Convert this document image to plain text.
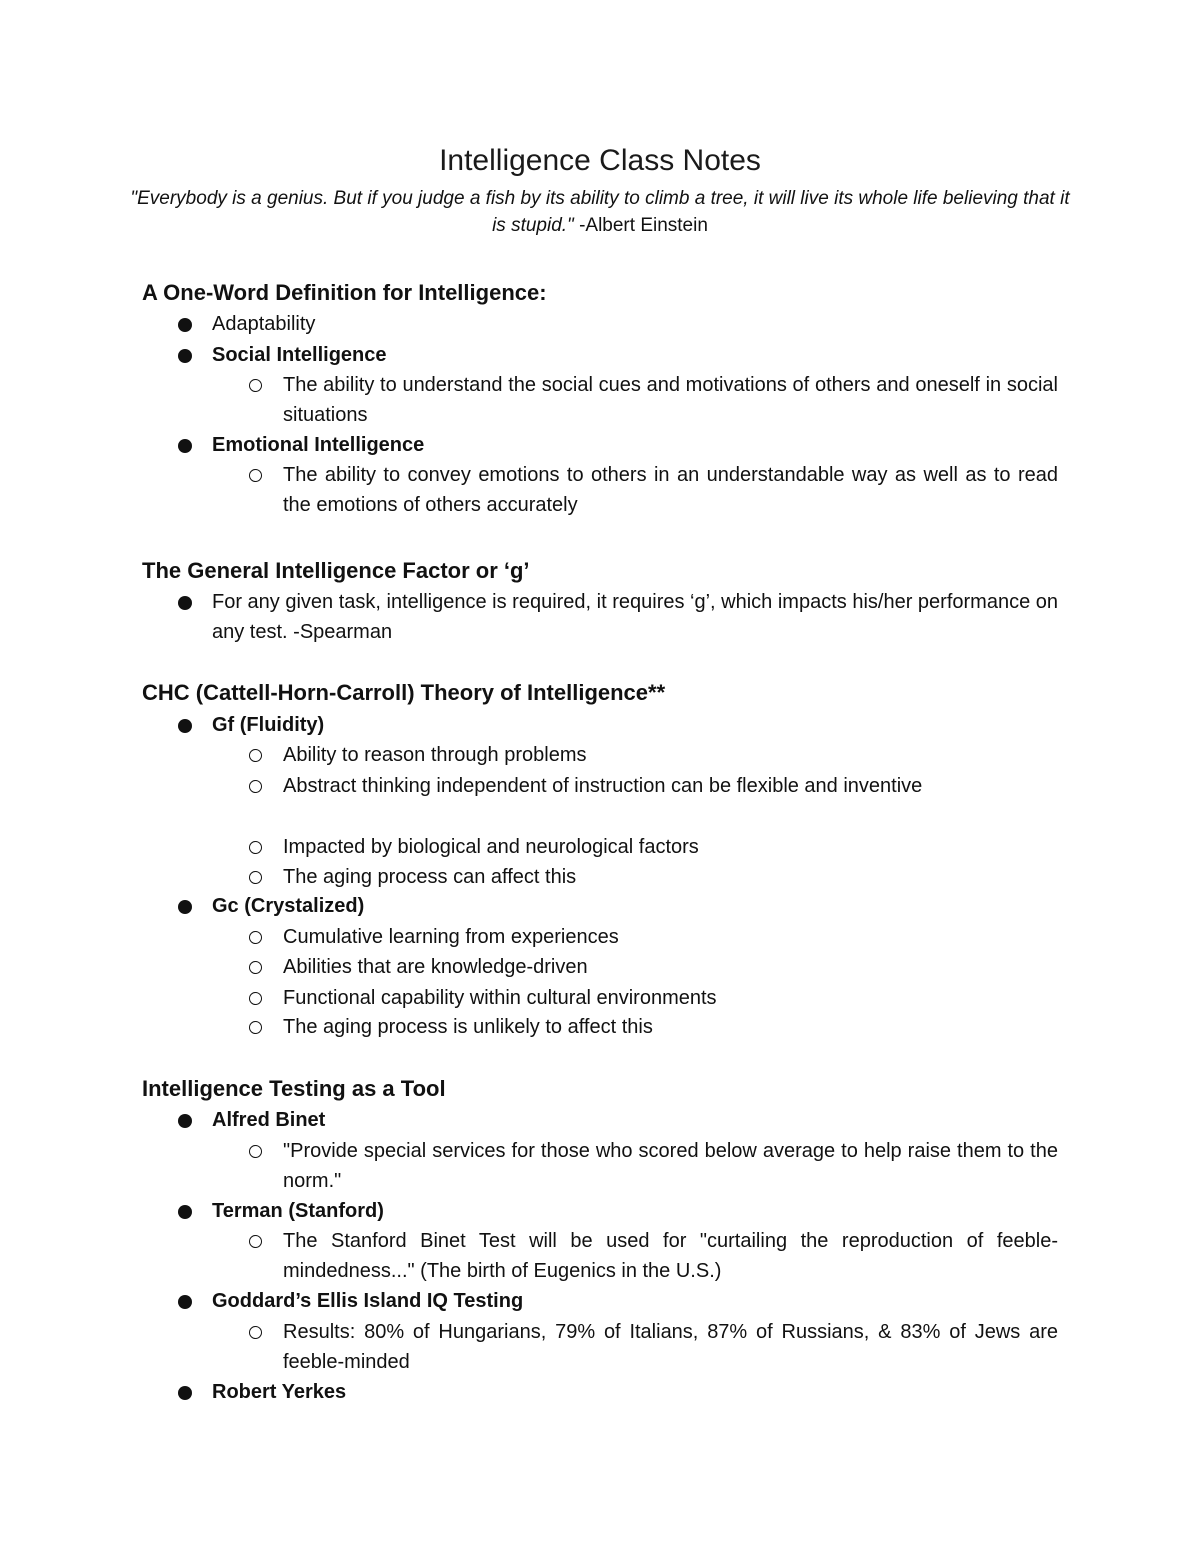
Intelligence Class Notes
"Everybody is a genius. But if you judge a fish by its ability to climb a tree, it will live its whole life believing that it is stupid." -Albert Einstein
A One-Word Definition for Intelligence:
Adaptability
Social Intelligence
The ability to understand the social cues and motivations of others and oneself in social situations
Emotional Intelligence
The ability to convey emotions to others in an understandable way as well as to read the emotions of others accurately
The General Intelligence Factor or ‘g’
For any given task, intelligence is required, it requires ‘g’, which impacts his/her performance on any test. -Spearman
CHC (Cattell-Horn-Carroll) Theory of Intelligence**
Gf (Fluidity)
Ability to reason through problems
Abstract thinking independent of instruction can be flexible and inventive
Impacted by biological and neurological factors
The aging process can affect this
Gc (Crystalized)
Cumulative learning from experiences
Abilities that are knowledge-driven
Functional capability within cultural environments
The aging process is unlikely to affect this
Intelligence Testing as a Tool
Alfred Binet
"Provide special services for those who scored below average to help raise them to the norm."
Terman (Stanford)
The Stanford Binet Test will be used for "curtailing the reproduction of feeble-mindedness..." (The birth of Eugenics in the U.S.)
Goddard’s Ellis Island IQ Testing
Results: 80% of Hungarians, 79% of Italians, 87% of Russians, & 83% of Jews are feeble-minded
Robert Yerkes
